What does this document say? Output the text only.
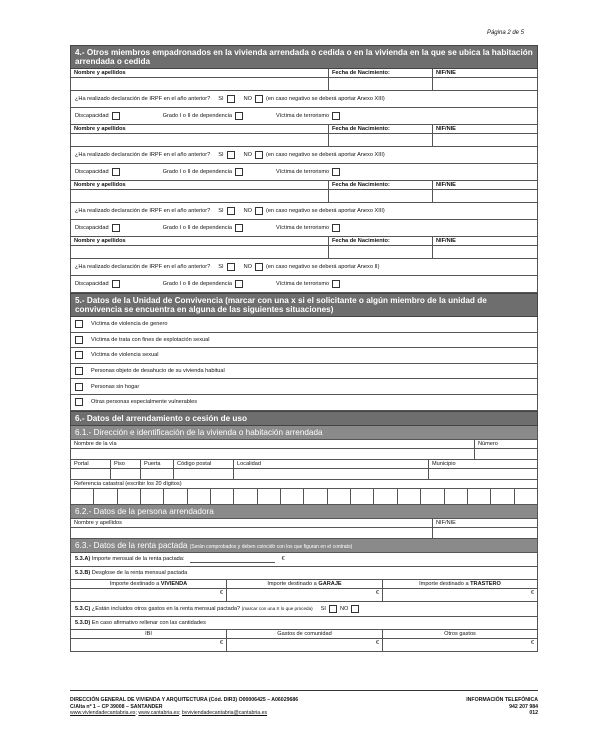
Página 2 de 5
4.- Otros miembros empadronados en la vivienda arrendada o cedida o en la vivienda en la que se ubica la habitación arrendada o cedida
Nombre y apellidos	Fecha de Nacimiento:	NIF/NIE
¿Ha realizado declaración de IRPF en el año anterior? SI	NO	(en caso negativo se deberá aportar Anexo XIII)
Discapacidad	Grado I o II de dependencia	Víctima de terrorismo
Nombre y apellidos	Fecha de Nacimiento:	NIF/NIE
¿Ha realizado declaración de IRPF en el año anterior? SI	NO	(en caso negativo se deberá aportar Anexo XIII)
Discapacidad	Grado I o II de dependencia	Víctima de terrorismo
Nombre y apellidos	Fecha de Nacimiento:	NIF/NIE
¿Ha realizado declaración de IRPF en el año anterior? SI	NO	(en caso negativo se deberá aportar Anexo XIII)
Discapacidad	Grado I o II de dependencia	Víctima de terrorismo
Nombre y apellidos	Fecha de Nacimiento:	NIF/NIE
¿Ha realizado declaración de IRPF en el año anterior? SI	NO	(en caso negativo se deberá aportar Anexo II)
Discapacidad	Grado I o II de dependencia	Víctima de terrorismo
5.- Datos de la Unidad de Convivencia (marcar con una x si el solicitante o algún miembro de la unidad de convivencia se encuentra en alguna de las siguientes situaciones)
Víctima de violencia de genero
Víctima de trata con fines de explotación sexual
Víctima de violencia sexual
Personas objeto de desahucio de su vivienda habitual
Personas sin hogar
Otras personas especialmente vulnerables
6.- Datos del arrendamiento o cesión de uso
6.1.- Dirección e identificación de la vivienda o habitación arrendada
Nombre de la vía	Número
Portal	Piso	Puerta	Código postal	Localidad	Municipio
Referencia catastral (escribir los 20 dígitos)
6.2.- Datos de la persona arrendadora
Nombre y apellidos	NIF/NIE
6.3.- Datos de la renta pactada (Serán comprobados y deben coincidir con los que figuran en el contrato)
5.3.A)
Importe mensual de la renta pactada:	€
5.3.B)
Desglose de la renta mensual pactada
Importe destinado a VIVIENDA	Importe destinado a GARAJE	Importe destinado a TRASTERO
€	€	€
5.3.C)
¿Están incluidos otros gastos en la renta mensual pactada?
(marcar con una X lo que proceda) SI	NO
5.3.D)
En caso afirmativo rellenar con las cantidades
IBI	Gastos de comunidad	Otros gastos
€	€	€
DIRECCIÓN GENERAL DE VIVIENDA Y ARQUITECTURA (Cód. DIR3) O00006425 – A06029686
C/Alta nº 1 – CP 39008 – SANTANDER
www.viviendadecantabria.es; www.cantabria.es; bvviviendadecantabria@cantabria.es
INFORMACIÓN TELEFÓNICA
942 207 984
012
